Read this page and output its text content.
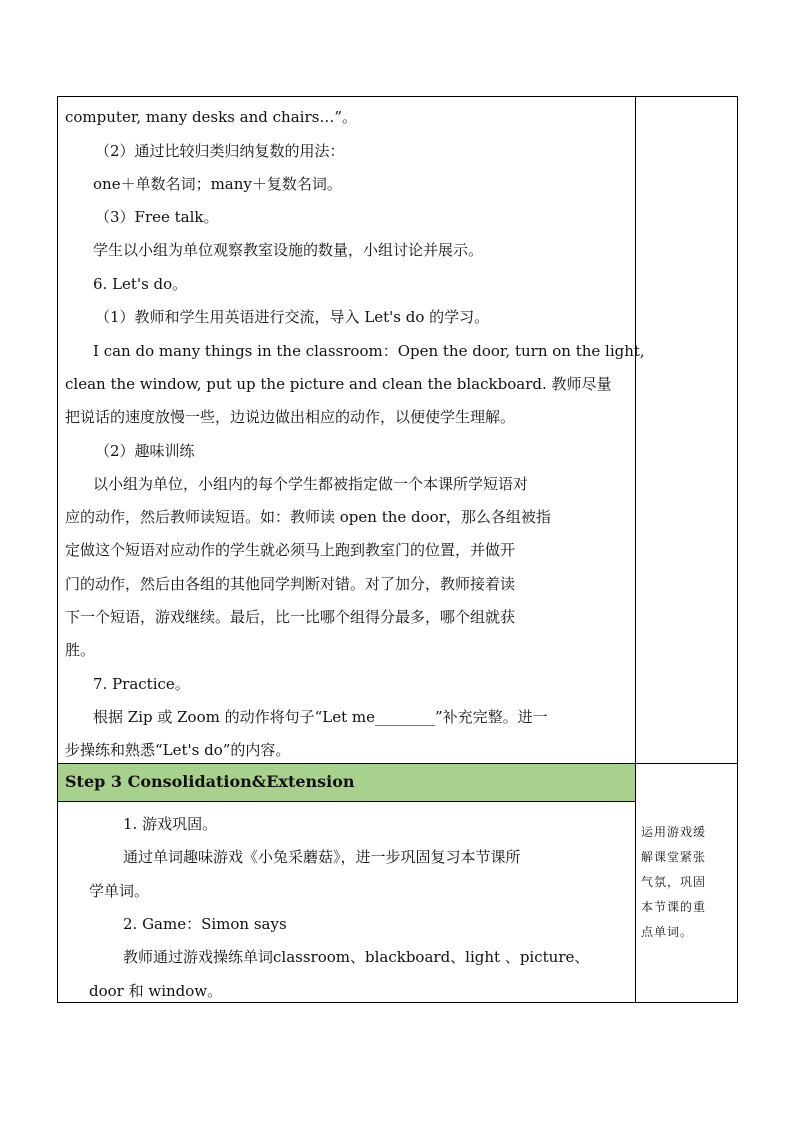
computer, many desks and chairs…”。

（2）通过比较归类归纳复数的用法：

one＋单数名词；many＋复数名词。

（3）Free talk。

学生以小组为单位观察教室设施的数量，小组讨论并展示。

6. Let's do。

（1）教师和学生用英语进行交流，导入 Let's do 的学习。

I can do many things in the classroom：Open the door, turn on the light,

clean the window, put up the picture and clean the blackboard. 教师尽量

把说话的速度放慢一些，边说边做出相应的动作，以便使学生理解。

（2）趣味训练

以小组为单位，小组内的每个学生都被指定做一个本课所学短语对

应的动作，然后教师读短语。如：教师读 open the door，那么各组被指

定做这个短语对应动作的学生就必须马上跑到教室门的位置，并做开

门的动作，然后由各组的其他同学判断对错。对了加分，教师接着读

下一个短语，游戏继续。最后，比一比哪个组得分最多，哪个组就获

胜。

7. Practice。

根据 Zip 或 Zoom 的动作将句子“Let me________”补充完整。进一

步操练和熟悉“Let's do”的内容。

Step 3 Consolidation&Extension

1. 游戏巩固。

通过单词趣味游戏《小兔采蘑菇》，进一步巩固复习本节课所

学单词。

2. Game：Simon says

教师通过游戏操练单词classroom、blackboard、light 、picture、

door 和 window。

运用游戏缓

解课堂紧张

气氛，巩固

本节课的重

点单词。
